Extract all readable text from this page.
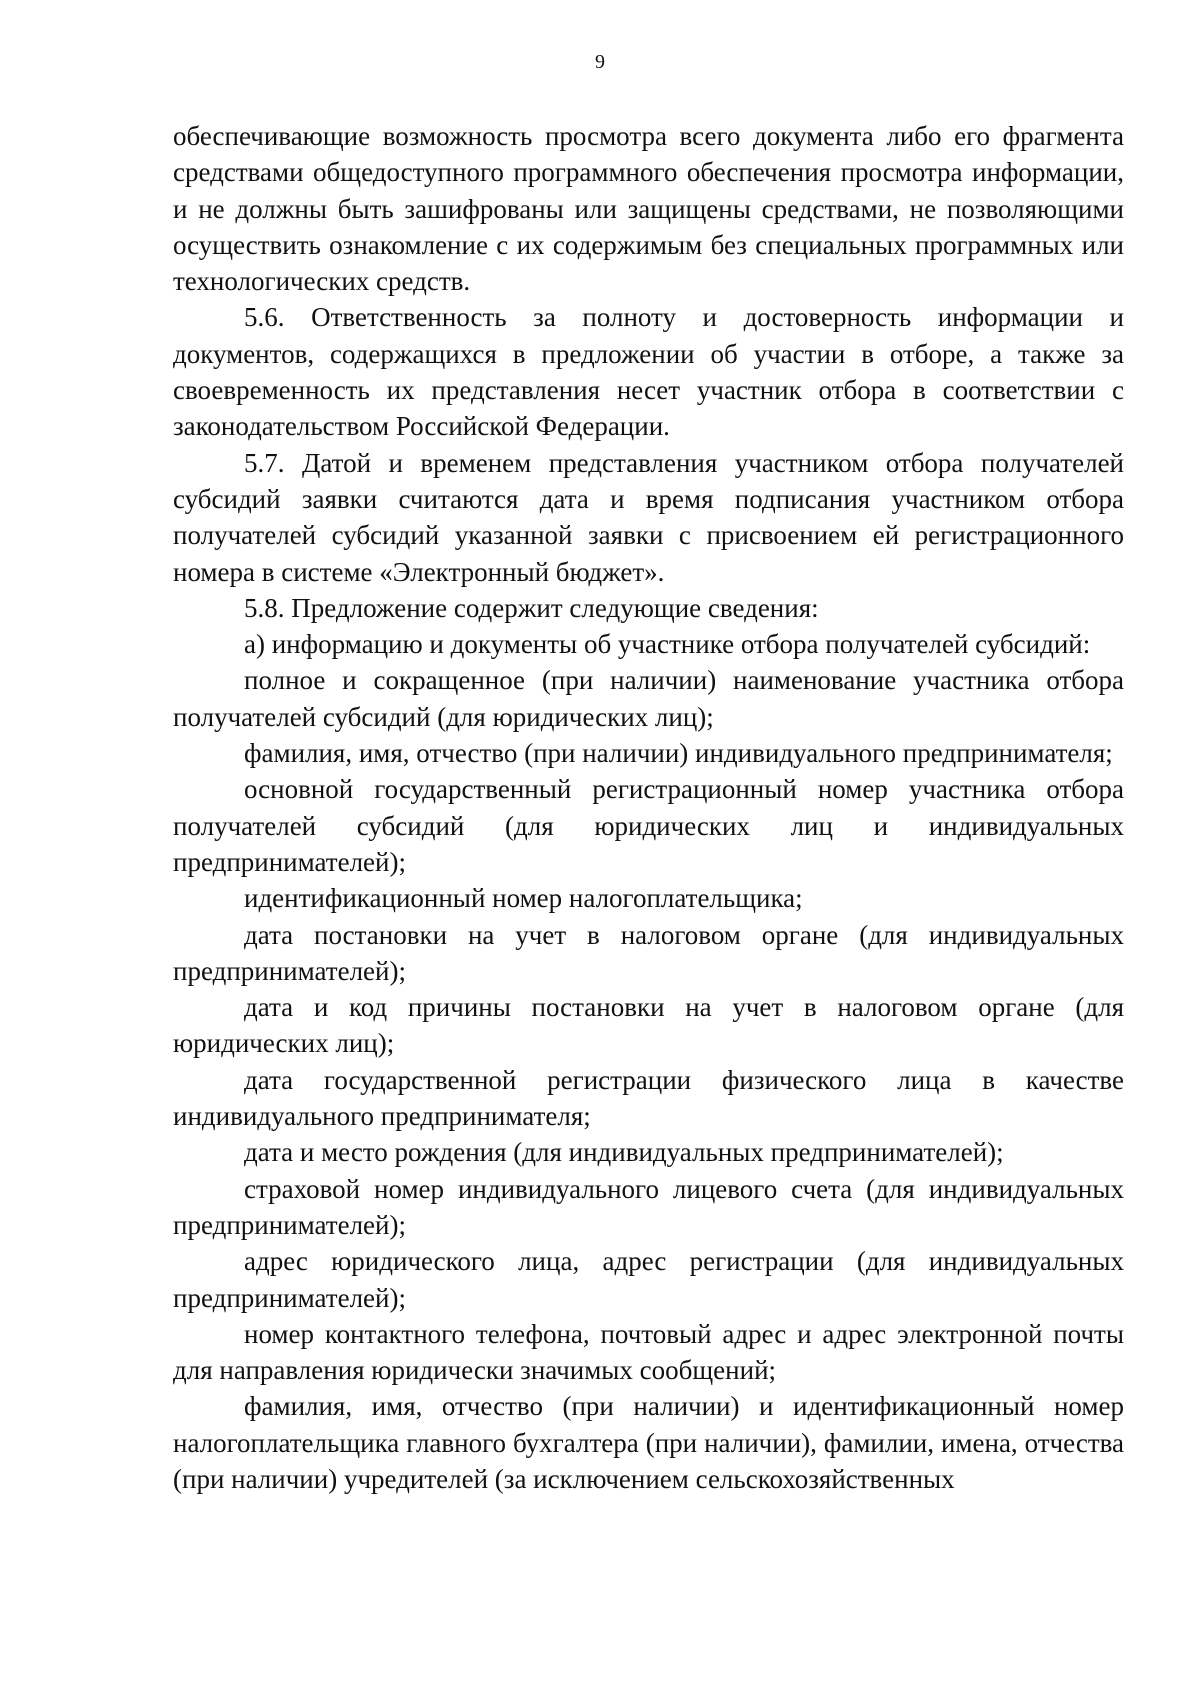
9

обеспечивающие возможность просмотра всего документа либо его фрагмента средствами общедоступного программного обеспечения просмотра информации, и не должны быть зашифрованы или защищены средствами, не позволяющими осуществить ознакомление с их содержимым без специальных программных или технологических средств.

5.6. Ответственность за полноту и достоверность информации и документов, содержащихся в предложении об участии в отборе, а также за своевременность их представления несет участник отбора в соответствии с законодательством Российской Федерации.

5.7. Датой и временем представления участником отбора получателей субсидий заявки считаются дата и время подписания участником отбора получателей субсидий указанной заявки с присвоением ей регистрационного номера в системе «Электронный бюджет».

5.8. Предложение содержит следующие сведения:

а) информацию и документы об участнике отбора получателей субсидий:

полное и сокращенное (при наличии) наименование участника отбора получателей субсидий (для юридических лиц);

фамилия, имя, отчество (при наличии) индивидуального предпринимателя;

основной государственный регистрационный номер участника отбора получателей субсидий (для юридических лиц и индивидуальных предпринимателей);

идентификационный номер налогоплательщика;

дата постановки на учет в налоговом органе (для индивидуальных предпринимателей);

дата и код причины постановки на учет в налоговом органе (для юридических лиц);

дата государственной регистрации физического лица в качестве индивидуального предпринимателя;

дата и место рождения (для индивидуальных предпринимателей);

страховой номер индивидуального лицевого счета (для индивидуальных предпринимателей);

адрес юридического лица, адрес регистрации (для индивидуальных предпринимателей);

номер контактного телефона, почтовый адрес и адрес электронной почты для направления юридически значимых сообщений;

фамилия, имя, отчество (при наличии) и идентификационный номер налогоплательщика главного бухгалтера (при наличии), фамилии, имена, отчества (при наличии) учредителей (за исключением сельскохозяйственных
